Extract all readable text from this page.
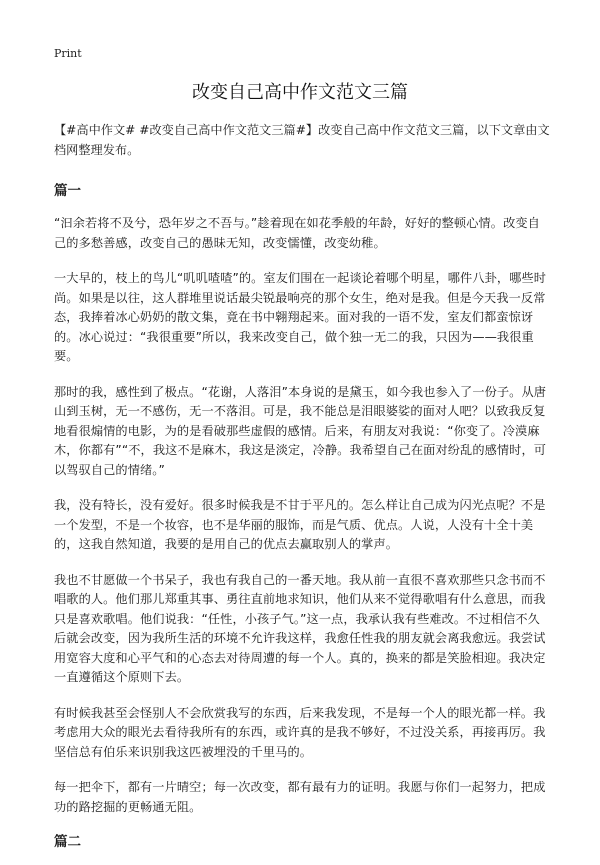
Print
改变自己高中作文范文三篇

【#高中作文# #改变自己高中作文范文三篇#】改变自己高中作文范文三篇，以下文章由文档网整理发布。

篇一

“汩余若将不及兮，恐年岁之不吾与。”趁着现在如花季般的年龄，好好的整顿心情。改变自己的多愁善感，改变自己的愚昧无知，改变懦懂，改变幼稚。

一大早的，枝上的鸟儿“叽叽喳喳”的。室友们围在一起谈论着哪个明星，哪件八卦，哪些时尚。如果是以往，这人群堆里说话最尖锐最响亮的那个女生，绝对是我。但是今天我一反常态，我捧着冰心奶奶的散文集，竟在书中翱翔起来。面对我的一语不发，室友们都蛮惊讶的。冰心说过：“我很重要”所以，我来改变自己，做个独一无二的我，只因为——我很重要。

那时的我，感性到了极点。“花谢，人落泪”本身说的是黛玉，如今我也参入了一份子。从唐山到玉树，无一不感伤，无一不落泪。可是，我不能总是泪眼婆娑的面对人吧？以致我反复地看很煽情的电影，为的是看破那些虚假的感情。后来，有朋友对我说：“你变了。冷漠麻木，你都有”“不，我这不是麻木，我这是淡定，冷静。我希望自己在面对纷乱的感情时，可以驾驭自己的情绪。”

我，没有特长，没有爱好。很多时候我是不甘于平凡的。怎么样让自己成为闪光点呢？不是一个发型，不是一个妆容，也不是华丽的服饰，而是气质、优点。人说，人没有十全十美的，这我自然知道，我要的是用自己的优点去赢取别人的掌声。

我也不甘愿做一个书呆子，我也有我自己的一番天地。我从前一直很不喜欢那些只念书而不唱歌的人。他们那儿郑重其事、勇往直前地求知识，他们从来不觉得歌唱有什么意思，而我只是喜欢歌唱。他们说我：“任性，小孩子气。”这一点，我承认我有些难改。不过相信不久后就会改变，因为我所生活的环境不允许我这样，我愈任性我的朋友就会离我愈远。我尝试用宽容大度和心平气和的心态去对待周遭的每一个人。真的，换来的都是笑脸相迎。我决定一直遵循这个原则下去。

有时候我甚至会怪别人不会欣赏我写的东西，后来我发现，不是每一个人的眼光都一样。我考虑用大众的眼光去看待我所有的东西，或许真的是我不够好，不过没关系，再接再厉。我坚信总有伯乐来识别我这匹被埋没的千里马的。

每一把伞下，都有一片晴空；每一次改变，都有最有力的证明。我愿与你们一起努力，把成功的路挖掘的更畅通无阻。

篇二
